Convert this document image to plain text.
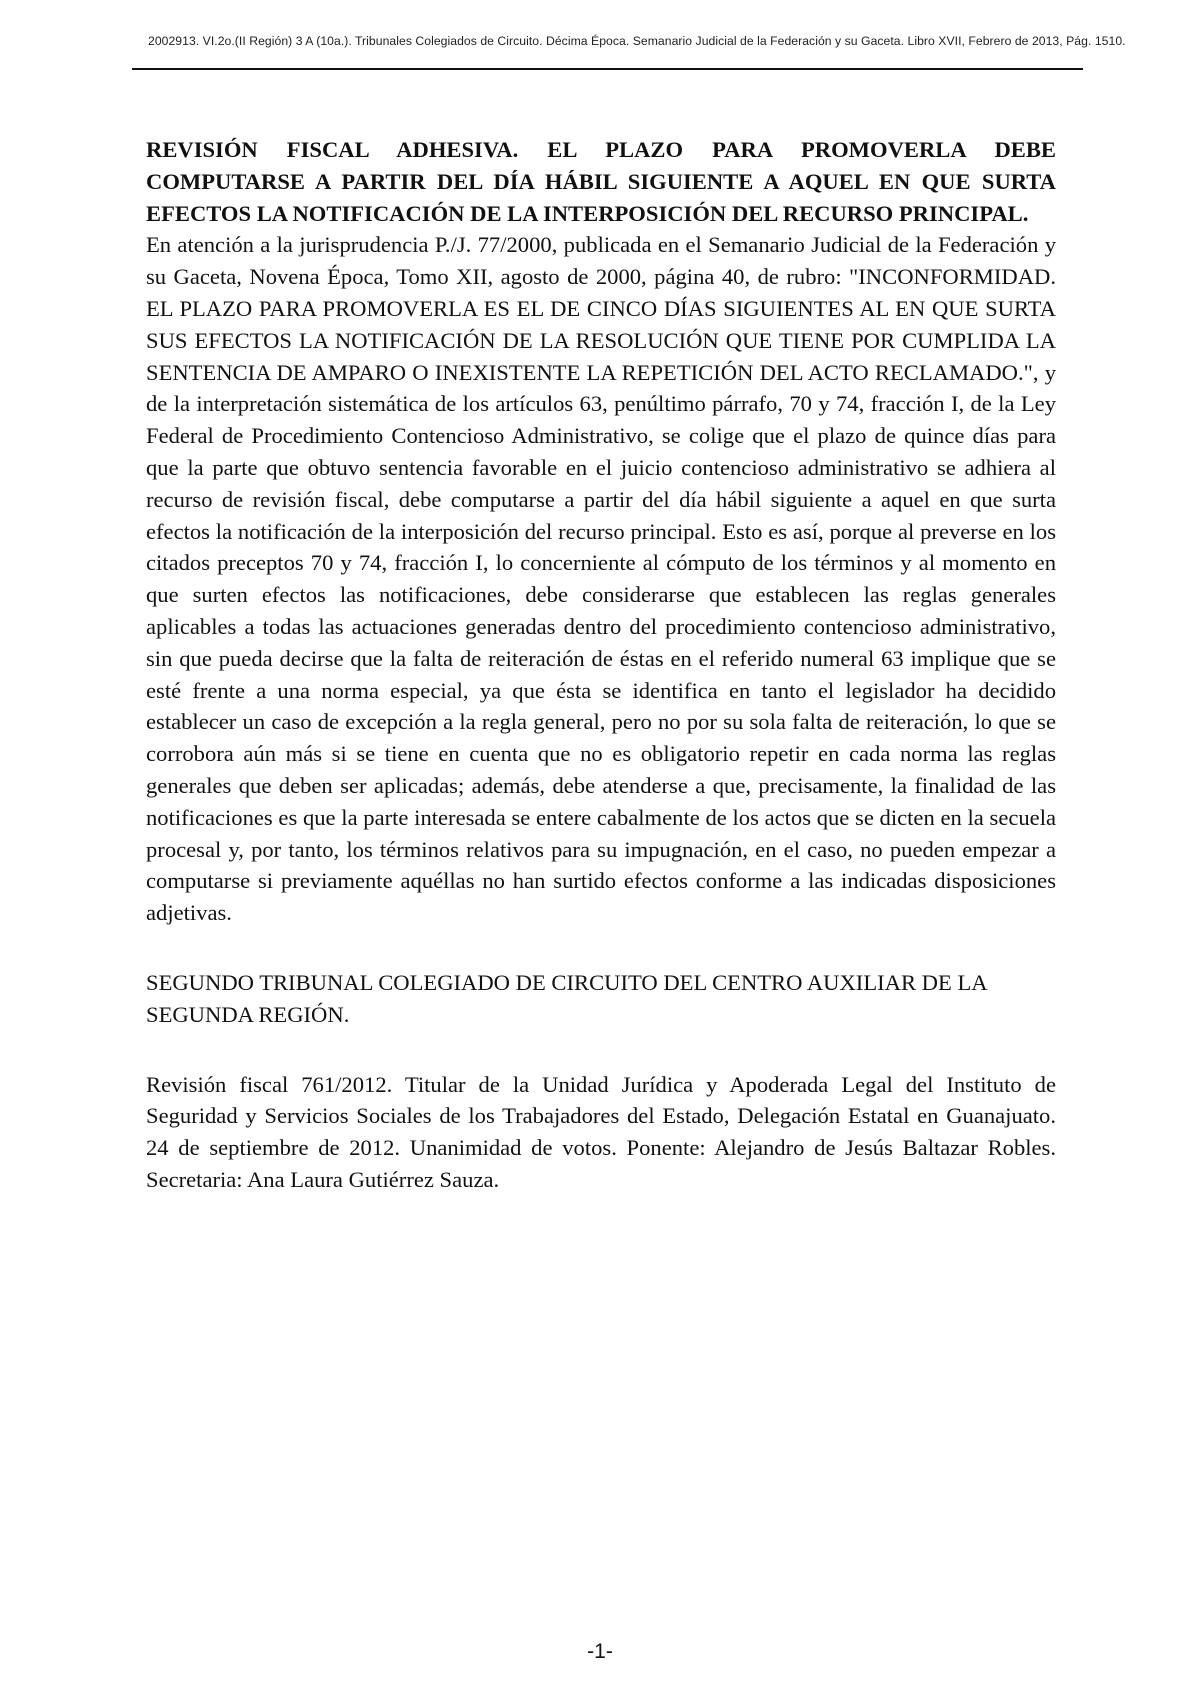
2002913. VI.2o.(II Región) 3 A (10a.). Tribunales Colegiados de Circuito. Décima Época. Semanario Judicial de la Federación y su Gaceta. Libro XVII, Febrero de 2013, Pág. 1510.

REVISIÓN FISCAL ADHESIVA. EL PLAZO PARA PROMOVERLA DEBE COMPUTARSE A PARTIR DEL DÍA HÁBIL SIGUIENTE A AQUEL EN QUE SURTA EFECTOS LA NOTIFICACIÓN DE LA INTERPOSICIÓN DEL RECURSO PRINCIPAL.

En atención a la jurisprudencia P./J. 77/2000, publicada en el Semanario Judicial de la Federación y su Gaceta, Novena Época, Tomo XII, agosto de 2000, página 40, de rubro: "INCONFORMIDAD. EL PLAZO PARA PROMOVERLA ES EL DE CINCO DÍAS SIGUIENTES AL EN QUE SURTA SUS EFECTOS LA NOTIFICACIÓN DE LA RESOLUCIÓN QUE TIENE POR CUMPLIDA LA SENTENCIA DE AMPARO O INEXISTENTE LA REPETICIÓN DEL ACTO RECLAMADO.", y de la interpretación sistemática de los artículos 63, penúltimo párrafo, 70 y 74, fracción I, de la Ley Federal de Procedimiento Contencioso Administrativo, se colige que el plazo de quince días para que la parte que obtuvo sentencia favorable en el juicio contencioso administrativo se adhiera al recurso de revisión fiscal, debe computarse a partir del día hábil siguiente a aquel en que surta efectos la notificación de la interposición del recurso principal. Esto es así, porque al preverse en los citados preceptos 70 y 74, fracción I, lo concerniente al cómputo de los términos y al momento en que surten efectos las notificaciones, debe considerarse que establecen las reglas generales aplicables a todas las actuaciones generadas dentro del procedimiento contencioso administrativo, sin que pueda decirse que la falta de reiteración de éstas en el referido numeral 63 implique que se esté frente a una norma especial, ya que ésta se identifica en tanto el legislador ha decidido establecer un caso de excepción a la regla general, pero no por su sola falta de reiteración, lo que se corrobora aún más si se tiene en cuenta que no es obligatorio repetir en cada norma las reglas generales que deben ser aplicadas; además, debe atenderse a que, precisamente, la finalidad de las notificaciones es que la parte interesada se entere cabalmente de los actos que se dicten en la secuela procesal y, por tanto, los términos relativos para su impugnación, en el caso, no pueden empezar a computarse si previamente aquéllas no han surtido efectos conforme a las indicadas disposiciones adjetivas.

SEGUNDO TRIBUNAL COLEGIADO DE CIRCUITO DEL CENTRO AUXILIAR DE LA SEGUNDA REGIÓN.

Revisión fiscal 761/2012. Titular de la Unidad Jurídica y Apoderada Legal del Instituto de Seguridad y Servicios Sociales de los Trabajadores del Estado, Delegación Estatal en Guanajuato. 24 de septiembre de 2012. Unanimidad de votos. Ponente: Alejandro de Jesús Baltazar Robles. Secretaria: Ana Laura Gutiérrez Sauza.

-1-
